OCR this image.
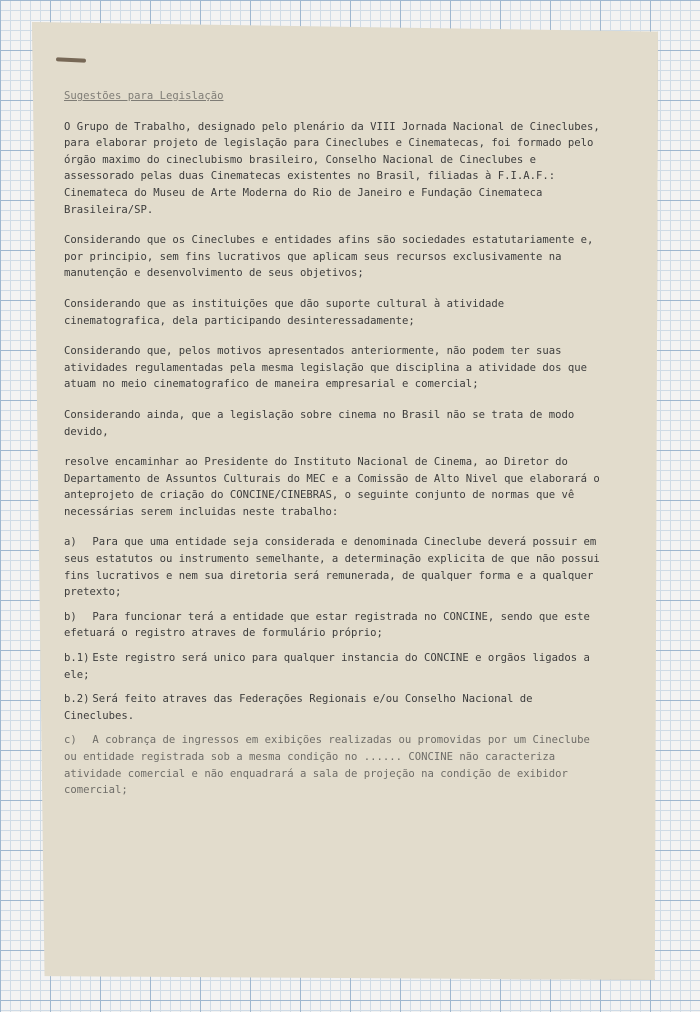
Sugestões para Legislação
O Grupo de Trabalho, designado pelo plenário da VIII Jornada Nacional de Cineclubes, para elaborar projeto de legislação para Cineclubes e Cinematecas, foi formado pelo órgão maximo do cineclubismo brasileiro, Conselho Nacional de Cineclubes e assessorado pelas duas Cinematecas existentes no Brasil, filiadas à F.I.A.F.: Cinemateca do Museu de Arte Moderna do Rio de Janeiro e Fundação Cinemateca Brasileira/SP.
Considerando que os Cineclubes e entidades afins são sociedades estatutariamente e, por principio, sem fins lucrativos que aplicam seus recursos exclusivamente na manutenção e desenvolvimento de seus objetivos;
Considerando que as instituições que dão suporte cultural à atividade cinematografica, dela participando desinteressadamente;
Considerando que, pelos motivos apresentados anteriormente, não podem ter suas atividades regulamentadas pela mesma legislação que disciplina a atividade dos que atuam no meio cinematografico de maneira empresarial e comercial;
Considerando ainda, que a legislação sobre cinema no Brasil não se trata de modo devido,
resolve encaminhar ao Presidente do Instituto Nacional de Cinema, ao Diretor do Departamento de Assuntos Culturais do MEC e a Comissão de Alto Nivel que elaborará o anteprojeto de criação do CONCINE/CINEBRAS, o seguinte conjunto de normas que vê necessárias serem incluidas neste trabalho:
a) Para que uma entidade seja considerada e denominada Cineclube deverá possuir em seus estatutos ou instrumento semelhante, a determinação explicita de que não possui fins lucrativos e nem sua diretoria será remunerada, de qualquer forma e a qualquer pretexto;
b) Para funcionar terá a entidade que estar registrada no CONCINE, sendo que este efetuará o registro atraves de formulário próprio;
b.1) Este registro será unico para qualquer instancia do CONCINE e orgãos ligados a ele;
b.2) Será feito atraves das Federações Regionais e/ou Conselho Nacional de Cineclubes.
c) A cobrança de ingressos em exibições realizadas ou promovidas por um Cineclube ou entidade registrada sob a mesma condição no ...... CONCINE não caracteriza atividade comercial e não enquadrará a sala de projeção na condição de exibidor comercial;
